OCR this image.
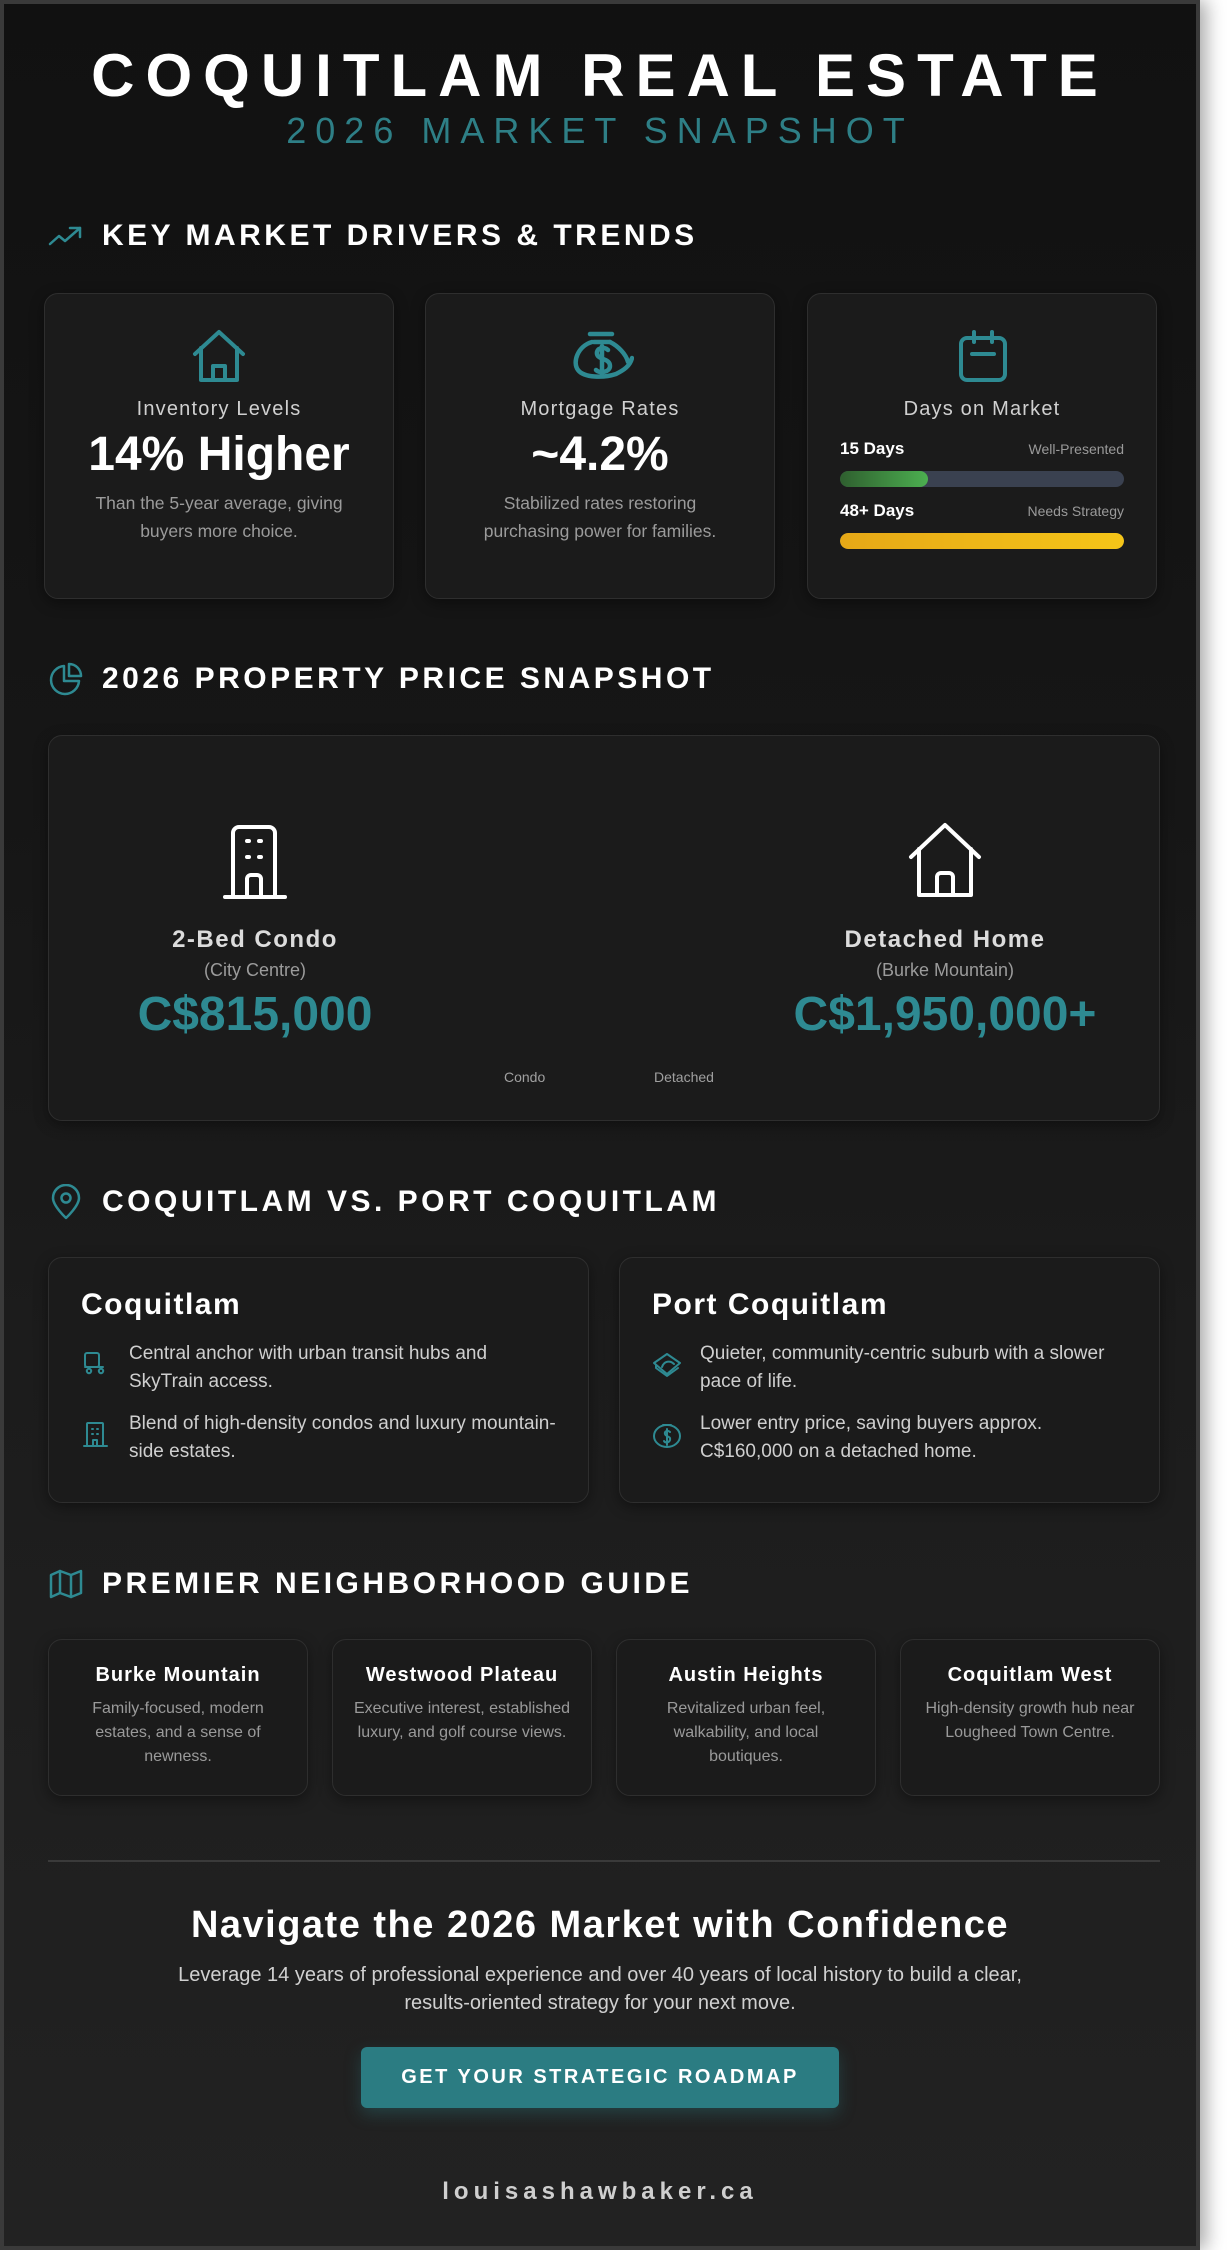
COQUITLAM REAL ESTATE
2026 MARKET SNAPSHOT
KEY MARKET DRIVERS & TRENDS
Inventory Levels
14% Higher
Than the 5-year average, giving buyers more choice.
Mortgage Rates
~4.2%
Stabilized rates restoring purchasing power for families.
Days on Market
15 Days	Well-Presented
48+ Days	Needs Strategy
2026 PROPERTY PRICE SNAPSHOT
2-Bed Condo
(City Centre)
C$815,000
Detached Home
(Burke Mountain)
C$1,950,000+
Condo	Detached
COQUITLAM VS. PORT COQUITLAM
Coquitlam

Central anchor with urban transit hubs and SkyTrain access.

Blend of high-density condos and luxury mountain-side estates.

Port Coquitlam

Quieter, community-centric suburb with a slower pace of life.

Lower entry price, saving buyers approx. C$160,000 on a detached home.

PREMIER NEIGHBORHOOD GUIDE
Burke Mountain

Family-focused, modern estates, and a sense of newness.

Westwood Plateau

Executive interest, established luxury, and golf course views.

Austin Heights

Revitalized urban feel, walkability, and local boutiques.

Coquitlam West

High-density growth hub near Lougheed Town Centre.

Navigate the 2026 Market with Confidence

Leverage 14 years of professional experience and over 40 years of local history to build a clear, results-oriented strategy for your next move.

GET YOUR STRATEGIC ROADMAP
louisashawbaker.ca
